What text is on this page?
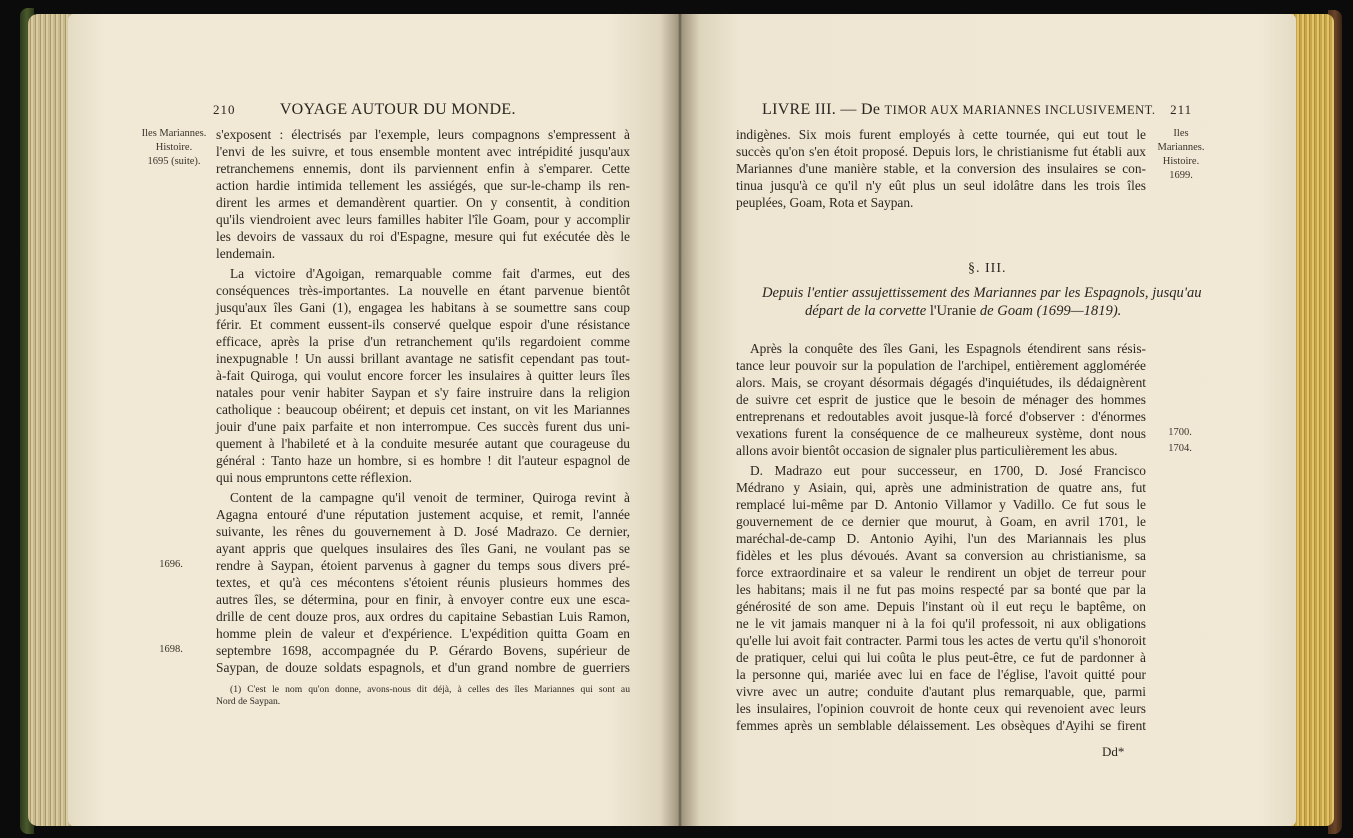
210	VOYAGE AUTOUR DU MONDE.
Iles Mariannes.
Histoire.
1695 (suite).
1696.
1698.
s'exposent : électrisés par l'exemple, leurs compagnons s'empressent à
l'envi de les suivre, et tous ensemble montent avec intrépidité jusqu'aux
retranchemens ennemis, dont ils parviennent enfin à s'emparer. Cette
action hardie intimida tellement les assiégés, que sur-le-champ ils ren-
dirent les armes et demandèrent quartier. On y consentit, à condition
qu'ils viendroient avec leurs familles habiter l'île Goam, pour y accomplir
les devoirs de vassaux du roi d'Espagne, mesure qui fut exécutée dès le
lendemain.
La victoire d'Agoigan, remarquable comme fait d'armes, eut des
conséquences très-importantes. La nouvelle en étant parvenue bientôt
jusqu'aux îles Gani (1), engagea les habitans à se soumettre sans coup
férir. Et comment eussent-ils conservé quelque espoir d'une résistance
efficace, après la prise d'un retranchement qu'ils regardoient comme
inexpugnable ! Un aussi brillant avantage ne satisfit cependant pas tout-
à-fait Quiroga, qui voulut encore forcer les insulaires à quitter leurs îles
natales pour venir habiter Saypan et s'y faire instruire dans la religion
catholique : beaucoup obéirent; et depuis cet instant, on vit les Mariannes
jouir d'une paix parfaite et non interrompue. Ces succès furent dus uni-
quement à l'habileté et à la conduite mesurée autant que courageuse du
général : Tanto haze un hombre, si es hombre ! dit l'auteur espagnol de
qui nous empruntons cette réflexion.
Content de la campagne qu'il venoit de terminer, Quiroga revint à
Agagna entouré d'une réputation justement acquise, et remit, l'année
suivante, les rênes du gouvernement à D. José Madrazo. Ce dernier,
ayant appris que quelques insulaires des îles Gani, ne voulant pas se
rendre à Saypan, étoient parvenus à gagner du temps sous divers pré-
textes, et qu'à ces mécontens s'étoient réunis plusieurs hommes des
autres îles, se détermina, pour en finir, à envoyer contre eux une esca-
drille de cent douze pros, aux ordres du capitaine Sebastian Luis Ramon,
homme plein de valeur et d'expérience. L'expédition quitta Goam en
septembre 1698, accompagnée du P. Gérardo Bovens, supérieur de
Saypan, de douze soldats espagnols, et d'un grand nombre de guerriers
(1) C'est le nom qu'on donne, avons-nous dit déjà, à celles des îles Mariannes qui sont au
Nord de Saypan.
LIVRE III. — De TIMOR AUX MARIANNES INCLUSIVEMENT. 211
Iles Mariannes.
Histoire.
1699.
1700.
1704.
indigènes. Six mois furent employés à cette tournée, qui eut tout le
succès qu'on s'en étoit proposé. Depuis lors, le christianisme fut établi aux
Mariannes d'une manière stable, et la conversion des insulaires se con-
tinua jusqu'à ce qu'il n'y eût plus un seul idolâtre dans les trois îles
peuplées, Goam, Rota et Saypan.
§. III.
Depuis l'entier assujettissement des Mariannes par les Espagnols, jusqu'au
départ de la corvette l'Uranie de Goam (1699—1819).
Après la conquête des îles Gani, les Espagnols étendirent sans résis-
tance leur pouvoir sur la population de l'archipel, entièrement agglomérée
alors. Mais, se croyant désormais dégagés d'inquiétudes, ils dédaignèrent
de suivre cet esprit de justice que le besoin de ménager des hommes
entreprenans et redoutables avoit jusque-là forcé d'observer : d'énormes
vexations furent la conséquence de ce malheureux système, dont nous
allons avoir bientôt occasion de signaler plus particulièrement les abus.
D. Madrazo eut pour successeur, en 1700, D. José Francisco
Médrano y Asiain, qui, après une administration de quatre ans, fut
remplacé lui-même par D. Antonio Villamor y Vadillo. Ce fut sous le
gouvernement de ce dernier que mourut, à Goam, en avril 1701, le
maréchal-de-camp D. Antonio Ayihi, l'un des Mariannais les plus
fidèles et les plus dévoués. Avant sa conversion au christianisme, sa
force extraordinaire et sa valeur le rendirent un objet de terreur pour
les habitans; mais il ne fut pas moins respecté par sa bonté que par la
générosité de son ame. Depuis l'instant où il eut reçu le baptême, on
ne le vit jamais manquer ni à la foi qu'il professoit, ni aux obligations
qu'elle lui avoit fait contracter. Parmi tous les actes de vertu qu'il s'honoroit
de pratiquer, celui qui lui coûta le plus peut-être, ce fut de pardonner à
la personne qui, mariée avec lui en face de l'église, l'avoit quitté pour
vivre avec un autre; conduite d'autant plus remarquable, que, parmi
les insulaires, l'opinion couvroit de honte ceux qui revenoient avec leurs
femmes après un semblable délaissement. Les obsèques d'Ayihi se firent
Dd*
